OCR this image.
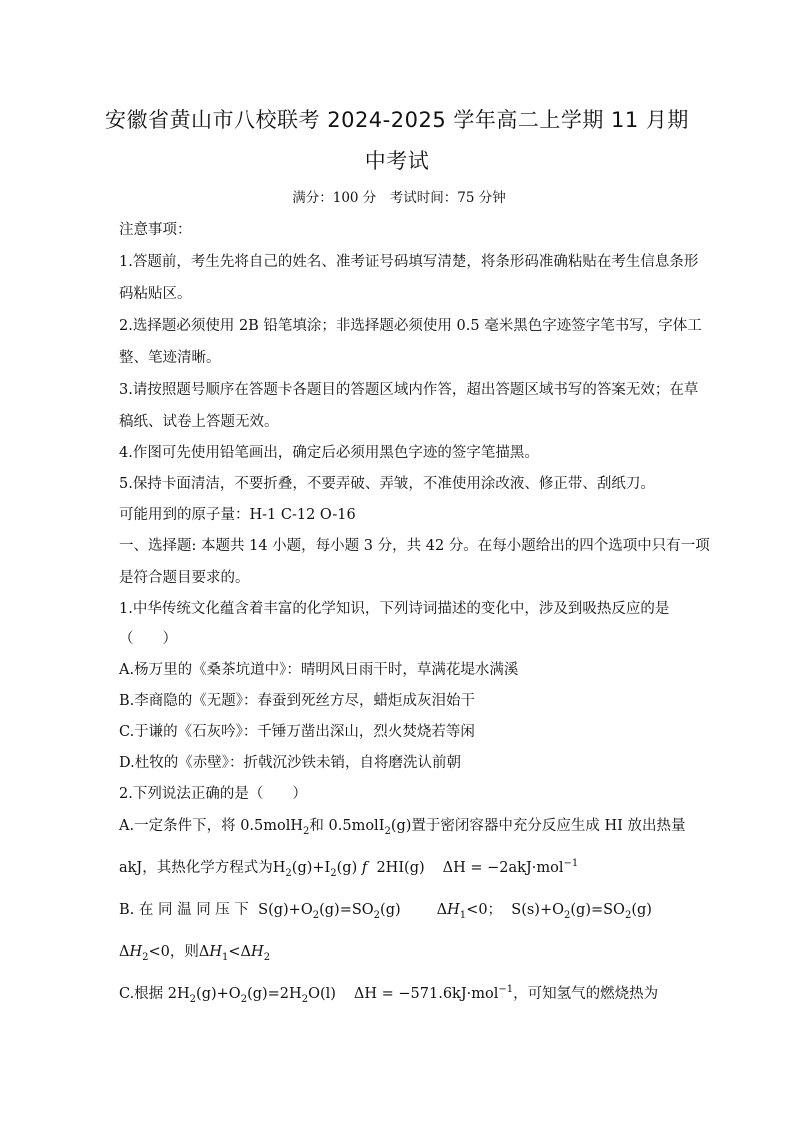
安徽省黄山市八校联考 2024-2025 学年高二上学期 11 月期
中考试
满分：100 分　考试时间：75 分钟
注意事项：
1.答题前，考生先将自己的姓名、准考证号码填写清楚，将条形码准确粘贴在考生信息条形
码粘贴区。
2.选择题必须使用 2B 铅笔填涂；非选择题必须使用 0.5 毫米黑色字迹签字笔书写，字体工
整、笔迹清晰。
3.请按照题号顺序在答题卡各题目的答题区域内作答，超出答题区域书写的答案无效；在草
稿纸、试卷上答题无效。
4.作图可先使用铅笔画出，确定后必须用黑色字迹的签字笔描黑。
5.保持卡面清洁，不要折叠，不要弄破、弄皱，不准使用涂改液、修正带、刮纸刀。
可能用到的原子量：H-1 C-12 O-16
一、选择题: 本题共 14 小题，每小题 3 分，共 42 分。在每小题给出的四个选项中只有一项
是符合题目要求的。
1.中华传统文化蕴含着丰富的化学知识，下列诗词描述的变化中，涉及到吸热反应的是
（　　）
A.杨万里的《桑茶坑道中》：晴明风日雨干时，草满花堤水满溪
B.李商隐的《无题》：春蚕到死丝方尽，蜡炬成灰泪始干
C.于谦的《石灰吟》：千锤万凿出深山，烈火焚烧若等闲
D.杜牧的《赤壁》：折戟沉沙铁未销，自将磨洗认前朝
2.下列说法正确的是（　　）
A.一定条件下，将 0.5molH$_2$和 0.5molI$_2$(g)置于密闭容器中充分反应生成 HI 放出热量
akJ，其热化学方程式为$H_2(g)+I_2(g)$ f  2HI(g) ΔH = −2akJ·mol$^{-1}$
B. 在 同 温 同 压 下 $S(g)+O_2(g)=SO_2(g)$ $\Delta H_1<0$； $S(s)+O_2(g)=SO_2(g)$
$\Delta H_2<0$，则$\Delta H_1<\Delta H_2$
C.根据 $2H_2(g)+O_2(g)=2H_2O(l) \Delta H = -571.6kJ\cdot mol^{-1}$，可知氢气的燃烧热为
